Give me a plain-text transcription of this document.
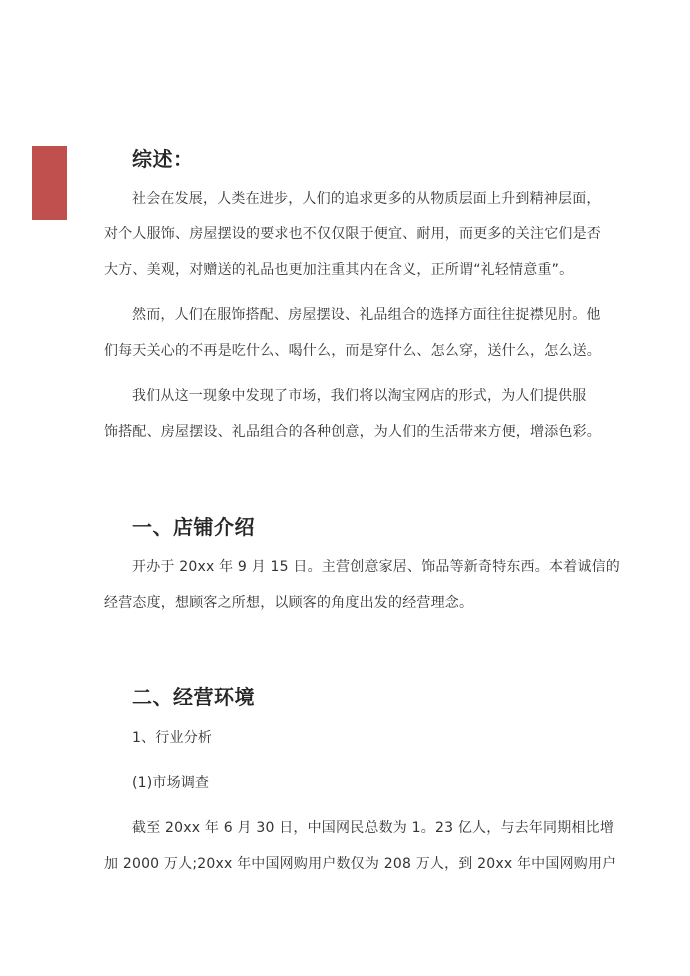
综述：
社会在发展，人类在进步，人们的追求更多的从物质层面上升到精神层面，
对个人服饰、房屋摆设的要求也不仅仅限于便宜、耐用，而更多的关注它们是否
大方、美观，对赠送的礼品也更加注重其内在含义，正所谓“礼轻情意重”。
然而，人们在服饰搭配、房屋摆设、礼品组合的选择方面往往捉襟见肘。他
们每天关心的不再是吃什么、喝什么，而是穿什么、怎么穿，送什么，怎么送。
我们从这一现象中发现了市场，我们将以淘宝网店的形式，为人们提供服
饰搭配、房屋摆设、礼品组合的各种创意，为人们的生活带来方便，增添色彩。
一、店铺介绍
开办于 20xx 年 9 月 15 日。主营创意家居、饰品等新奇特东西。本着诚信的
经营态度，想顾客之所想，以顾客的角度出发的经营理念。
二、经营环境
1、行业分析
(1)市场调查
截至 20xx 年 6 月 30 日，中国网民总数为 1。23 亿人，与去年同期相比增
加 2000 万人;20xx 年中国网购用户数仅为 208 万人，到 20xx 年中国网购用户
